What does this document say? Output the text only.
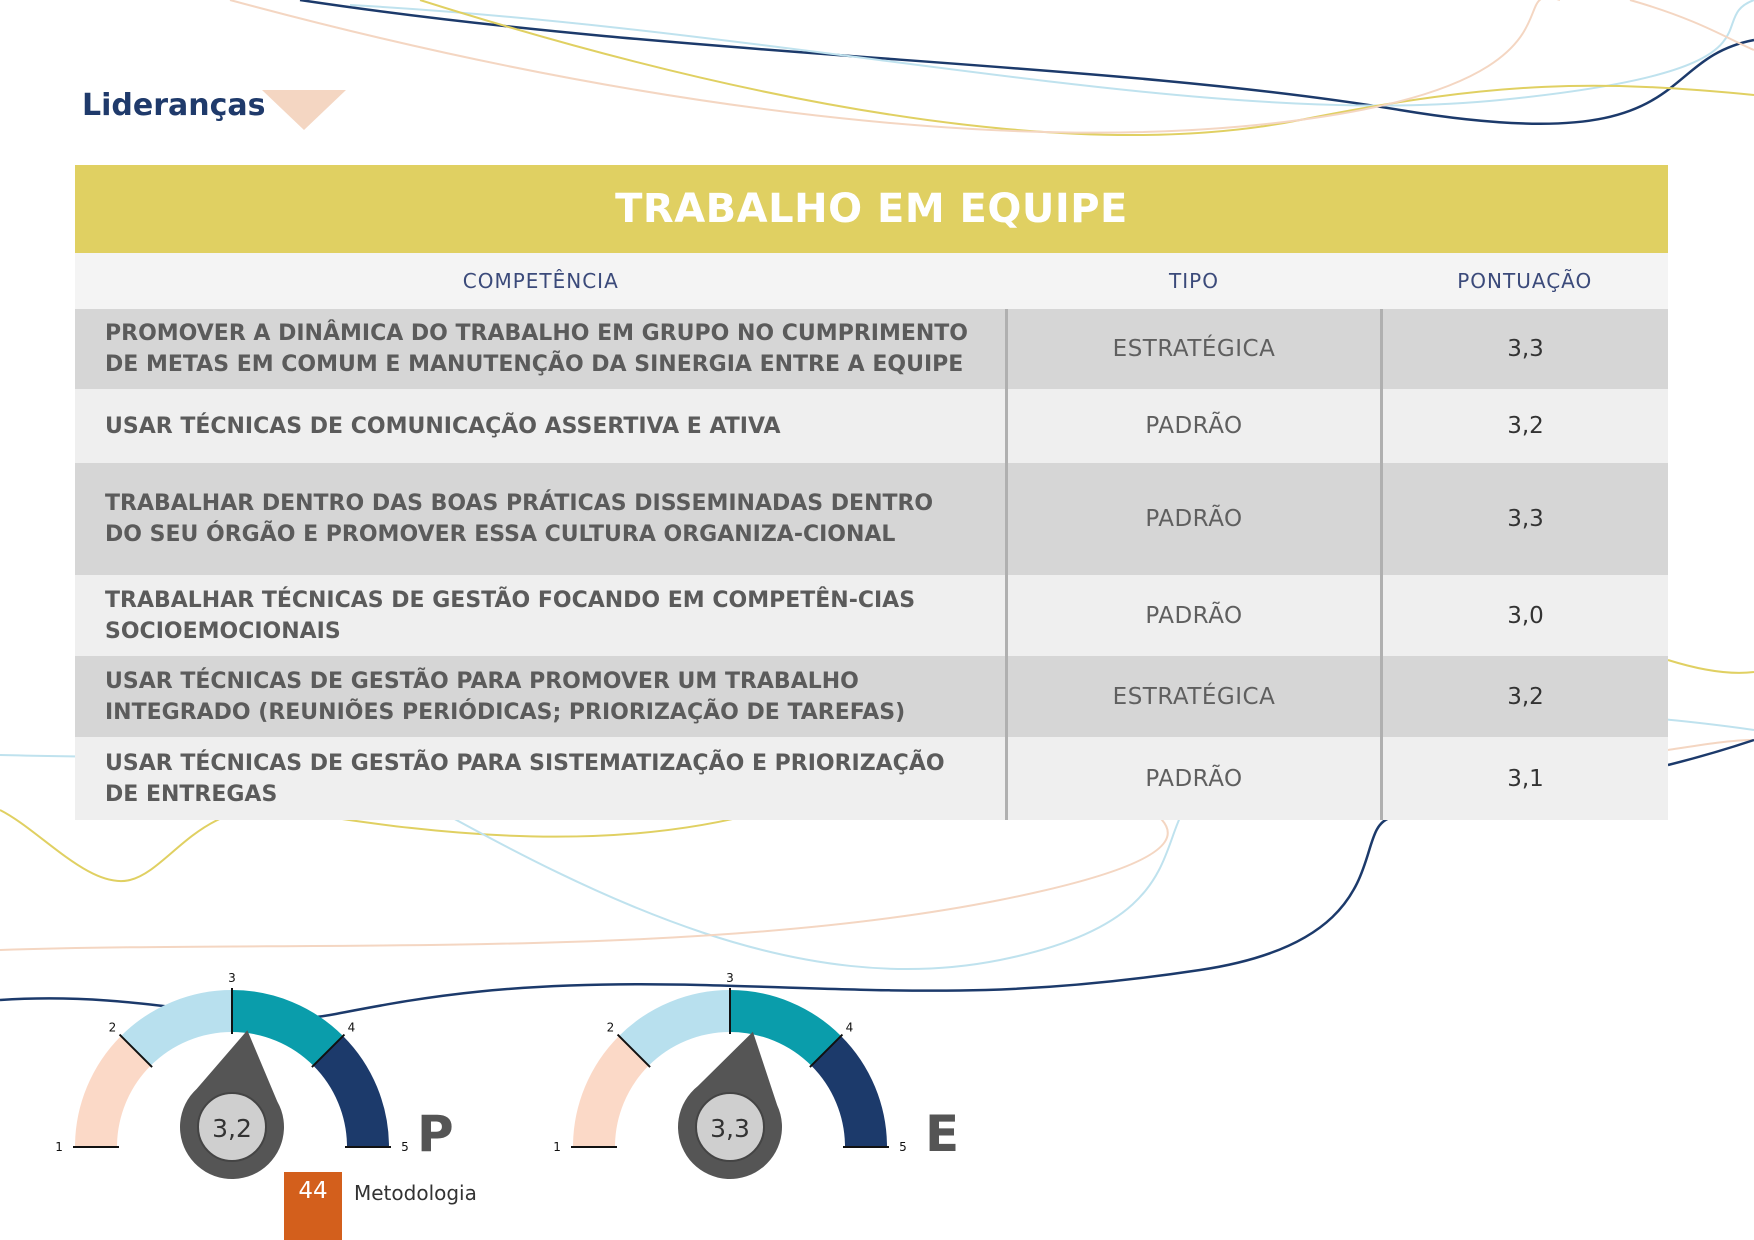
Lideranças
TRABALHO EM EQUIPE
COMPETÊNCIA	TIPO	PONTUAÇÃO
PROMOVER A DINÂMICA DO TRABALHO EM GRUPO NO CUMPRIMENTO DE METAS EM COMUM E MANUTENÇÃO DA SINERGIA ENTRE A EQUIPE	ESTRATÉGICA	3,3
USAR TÉCNICAS DE COMUNICAÇÃO ASSERTIVA E ATIVA	PADRÃO	3,2
TRABALHAR DENTRO DAS BOAS PRÁTICAS DISSEMINADAS DENTRO DO SEU ÓRGÃO E PROMOVER ESSA CULTURA ORGANIZA-CIONAL	PADRÃO	3,3
TRABALHAR TÉCNICAS DE GESTÃO FOCANDO EM COMPETÊN-CIAS SOCIOEMOCIONAIS	PADRÃO	3,0
USAR TÉCNICAS DE GESTÃO PARA PROMOVER UM TRABALHO INTEGRADO (REUNIÕES PERIÓDICAS; PRIORIZAÇÃO DE TAREFAS)	ESTRATÉGICA	3,2
USAR TÉCNICAS DE GESTÃO PARA SISTEMATIZAÇÃO E PRIORIZAÇÃO DE ENTREGAS	PADRÃO	3,1
1
2
3
4
5
3,2	P	1
2
3
4
5
3,3	E
44	Metodologia
